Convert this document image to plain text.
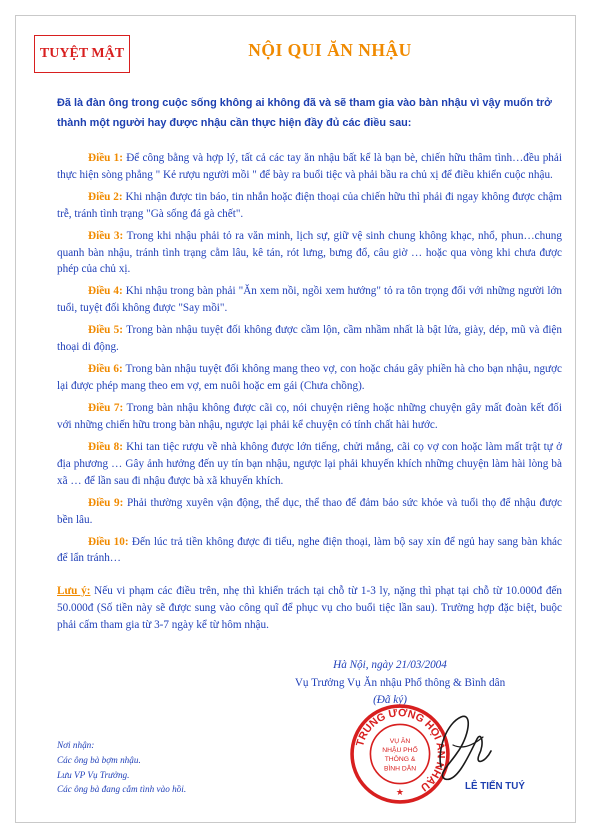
TUYỆT MẬT	NỘI QUI ĂN NHẬU
Đã là đàn ông trong cuộc sống không ai không đã và sẽ tham gia vào bàn nhậu vì vậy muốn trở thành một người hay được nhậu cần thực hiện đầy đủ các điều sau:

Điều 1: Để công bằng và hợp lý, tất cả các tay ăn nhậu bất kể là bạn bè, chiến hữu thâm tình…đều phải thực hiện sòng phẳng " Kẻ rượu người mồi " để bày ra buổi tiệc và phải bầu ra chủ xị để điều khiển cuộc nhậu.

Điều 2: Khi nhận được tin báo, tin nhắn hoặc điện thoại của chiến hữu thì phải đi ngay không được chậm trễ, tránh tình trạng "Gà sống đá gà chết".

Điều 3: Trong khi nhậu phải tỏ ra văn minh, lịch sự, giữ vệ sinh chung không khạc, nhổ, phun…chung quanh bàn nhậu, tránh tình trạng cằm lâu, kê tán, rót lưng, bưng đổ, câu giờ … hoặc qua vòng khi chưa được phép của chủ xị.

Điều 4: Khi nhậu trong bàn phải "Ăn xem nồi, ngồi xem hướng" tỏ ra tôn trọng đối với những người lớn tuổi, tuyệt đối không được "Say mồi".

Điều 5: Trong bàn nhậu tuyệt đối không được cầm lộn, cầm nhầm nhất là bật lửa, giày, dép, mũ và điện thoại di động.

Điều 6: Trong bàn nhậu tuyệt đối không mang theo vợ, con hoặc cháu gây phiền hà cho bạn nhậu, ngược lại được phép mang theo em vợ, em nuôi hoặc em gái (Chưa chồng).

Điều 7: Trong bàn nhậu không được cãi cọ, nói chuyện riêng hoặc những chuyện gây mất đoàn kết đối với những chiến hữu trong bàn nhậu, ngược lại phải kể chuyện có tính chất hài hước.

Điều 8: Khi tan tiệc rượu về nhà không được lớn tiếng, chửi mắng, cãi cọ vợ con hoặc làm mất trật tự ở địa phương … Gây ảnh hưởng đến uy tín bạn nhậu, ngược lại phải khuyến khích những chuyện làm hài lòng bà xã … để lần sau đi nhậu được bà xã khuyến khích.

Điều 9: Phải thường xuyên vận động, thể dục, thể thao để đảm bảo sức khỏe và tuổi thọ để nhậu được bền lâu.

Điều 10: Đến lúc trả tiền không được đi tiểu, nghe điện thoại, làm bộ say xỉn để ngủ hay sang bàn khác để lẩn tránh…

Lưu ý: Nếu vi phạm các điều trên, nhẹ thì khiển trách tại chỗ từ 1-3 ly, nặng thì phạt tại chỗ từ 10.000đ đến 50.000đ (Số tiền này sẽ được sung vào công quĩ để phục vụ cho buổi tiệc lần sau). Trường hợp đặc biệt, buộc phải cấm tham gia từ 3-7 ngày kể từ hôm nhậu.
Hà Nội, ngày 21/03/2004
Vụ Trưởng Vụ Ăn nhậu Phổ thông & Bình dân
(Đã ký)
Nơi nhận:
Các ông bà bợm nhậu.
Lưu VP Vụ Trưởng.
Các ông bà đang cắm tình vào hồi.
TRUNG ƯƠNG HỘI ĂN NHẬU
VỤ ĂN
NHẬU PHỔ
THÔNG &
BÌNH DÂN
★	LÊ TIẾN TUÝ
